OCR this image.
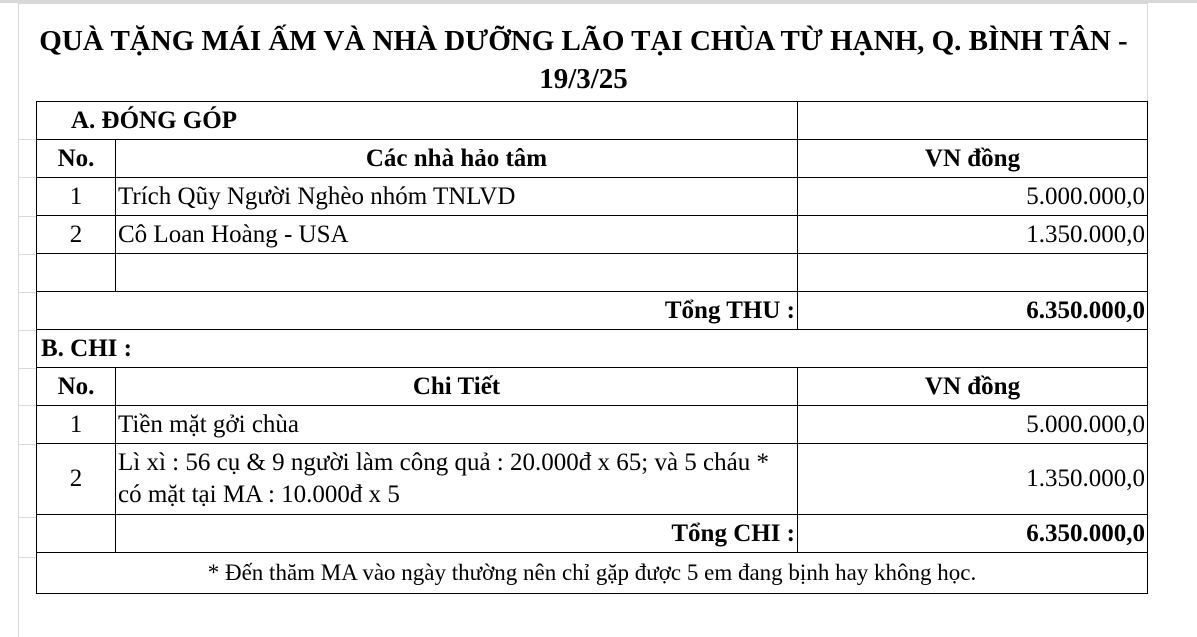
QUÀ TẶNG MÁI ẤM VÀ NHÀ DƯỠNG LÃO TẠI CHÙA TỪ HẠNH, Q. BÌNH TÂN - 19/3/25
A. ĐÓNG GÓP		
No.	Các nhà hảo tâm	VN đồng
1	Trích Qũy Người Nghèo nhóm TNLVD	5.000.000,0
2	Cô Loan Hoàng - USA	1.350.000,0

Tổng THU :		6.350.000,0
B. CHI :		
No.	Chi Tiết	VN đồng
1	Tiền mặt gởi chùa	5.000.000,0
2	Lì xì : 56 cụ & 9 người làm công quả : 20.000đ x 65; và 5 cháu * có mặt tại MA : 10.000đ x 5	1.350.000,0
	Tổng CHI :	6.350.000,0
* Đến thăm MA vào ngày thường nên chỉ gặp được 5 em đang bịnh hay không học.		
